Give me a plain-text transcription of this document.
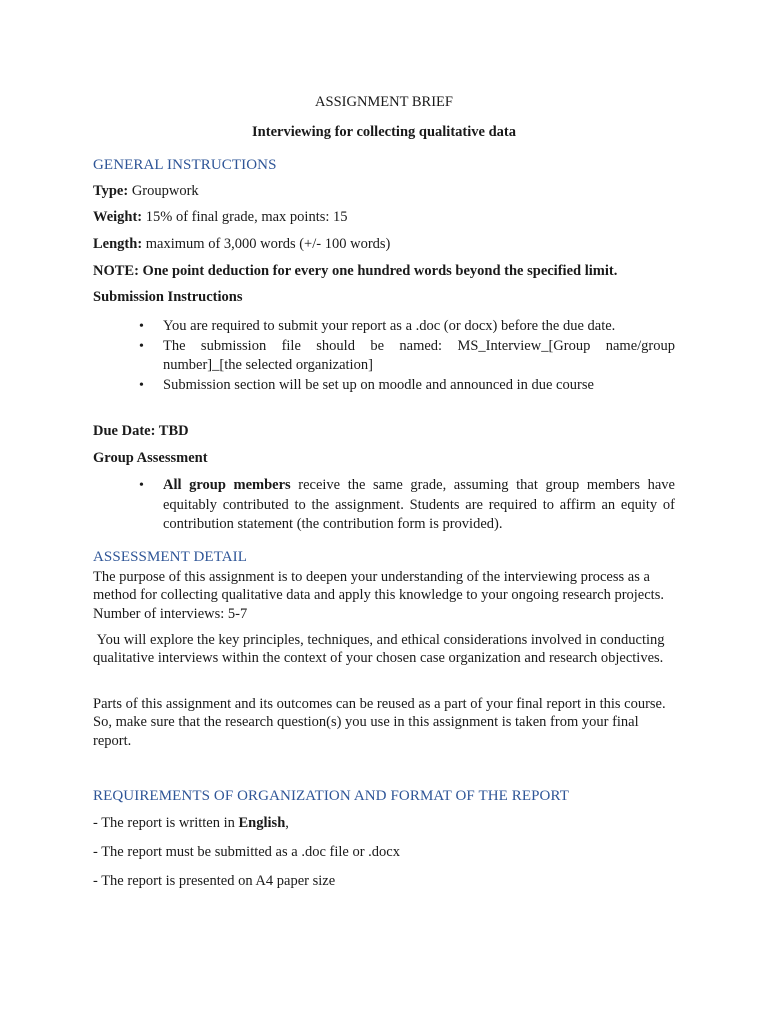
ASSIGNMENT BRIEF
Interviewing for collecting qualitative data
GENERAL INSTRUCTIONS
Type: Groupwork
Weight: 15% of final grade, max points: 15
Length: maximum of 3,000 words (+/- 100 words)
NOTE: One point deduction for every one hundred words beyond the specified limit.
Submission Instructions
• You are required to submit your report as a .doc (or docx) before the due date.
• The submission file should be named: MS_Interview_[Group name/group number]_[the selected organization]
• Submission section will be set up on moodle and announced in due course
Due Date: TBD
Group Assessment
• All group members receive the same grade, assuming that group members have equitably contributed to the assignment. Students are required to affirm an equity of contribution statement (the contribution form is provided).
ASSESSMENT DETAIL
The purpose of this assignment is to deepen your understanding of the interviewing process as a method for collecting qualitative data and apply this knowledge to your ongoing research projects. Number of interviews: 5-7
You will explore the key principles, techniques, and ethical considerations involved in conducting qualitative interviews within the context of your chosen case organization and research objectives.
Parts of this assignment and its outcomes can be reused as a part of your final report in this course. So, make sure that the research question(s) you use in this assignment is taken from your final report.
REQUIREMENTS OF ORGANIZATION AND FORMAT OF THE REPORT
- The report is written in English,
- The report must be submitted as a .doc file or .docx
- The report is presented on A4 paper size
